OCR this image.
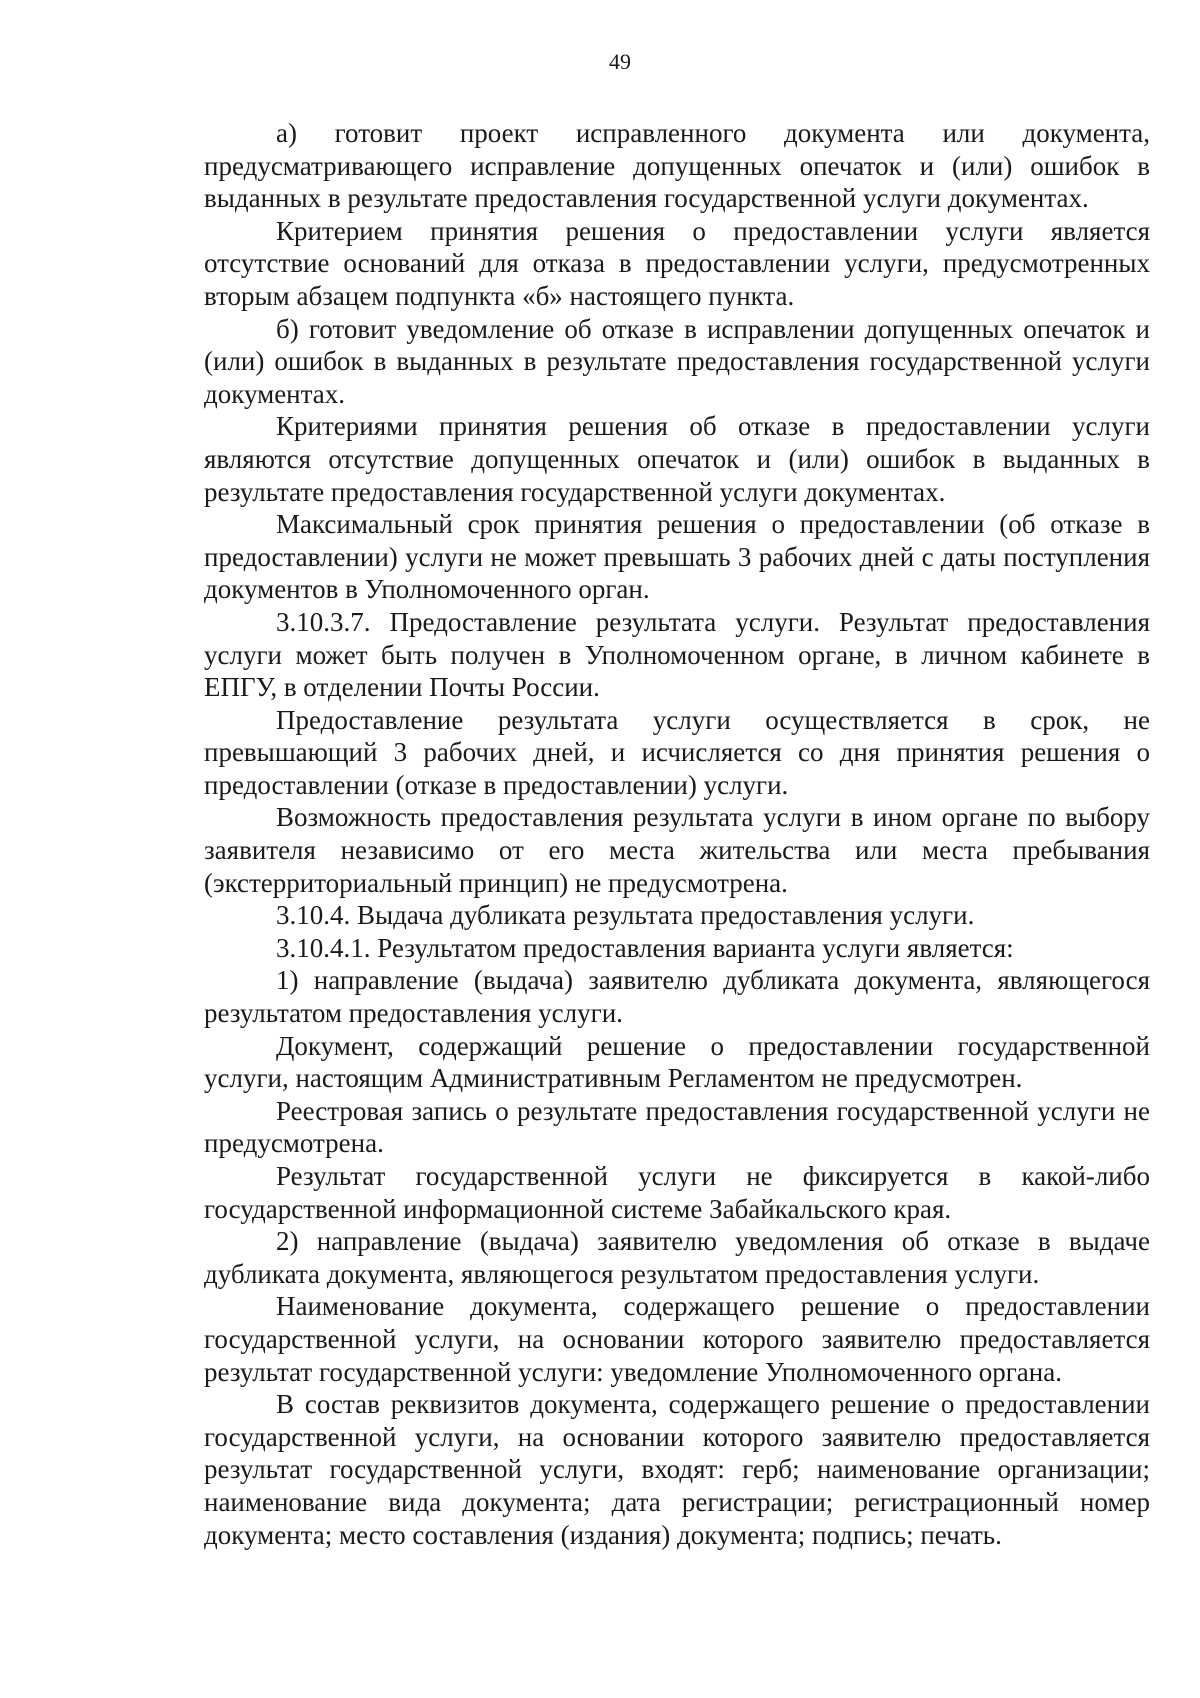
49

а) готовит проект исправленного документа или документа, предусматривающего исправление допущенных опечаток и (или) ошибок в выданных в результате предоставления государственной услуги документах.

Критерием принятия решения о предоставлении услуги является отсутствие оснований для отказа в предоставлении услуги, предусмотренных вторым абзацем подпункта «б» настоящего пункта.

б) готовит уведомление об отказе в исправлении допущенных опечаток и (или) ошибок в выданных в результате предоставления государственной услуги документах.

Критериями принятия решения об отказе в предоставлении услуги являются отсутствие допущенных опечаток и (или) ошибок в выданных в результате предоставления государственной услуги документах.

Максимальный срок принятия решения о предоставлении (об отказе в предоставлении) услуги не может превышать 3 рабочих дней с даты поступления документов в Уполномоченного орган.

3.10.3.7. Предоставление результата услуги. Результат предоставления услуги может быть получен в Уполномоченном органе, в личном кабинете в ЕПГУ, в отделении Почты России.

Предоставление результата услуги осуществляется в срок, не превышающий 3 рабочих дней, и исчисляется со дня принятия решения о предоставлении (отказе в предоставлении) услуги.

Возможность предоставления результата услуги в ином органе по выбору заявителя независимо от его места жительства или места пребывания (экстерриториальный принцип) не предусмотрена.

3.10.4. Выдача дубликата результата предоставления услуги.

3.10.4.1. Результатом предоставления варианта услуги является:

1) направление (выдача) заявителю дубликата документа, являющегося результатом предоставления услуги.

Документ, содержащий решение о предоставлении государственной услуги, настоящим Административным Регламентом не предусмотрен.

Реестровая запись о результате предоставления государственной услуги не предусмотрена.

Результат государственной услуги не фиксируется в какой-либо государственной информационной системе Забайкальского края.

2) направление (выдача) заявителю уведомления об отказе в выдаче дубликата документа, являющегося результатом предоставления услуги.

Наименование документа, содержащего решение о предоставлении государственной услуги, на основании которого заявителю предоставляется результат государственной услуги: уведомление Уполномоченного органа.

В состав реквизитов документа, содержащего решение о предоставлении государственной услуги, на основании которого заявителю предоставляется результат государственной услуги, входят: герб; наименование организации; наименование вида документа; дата регистрации; регистрационный номер документа; место составления (издания) документа; подпись; печать.
